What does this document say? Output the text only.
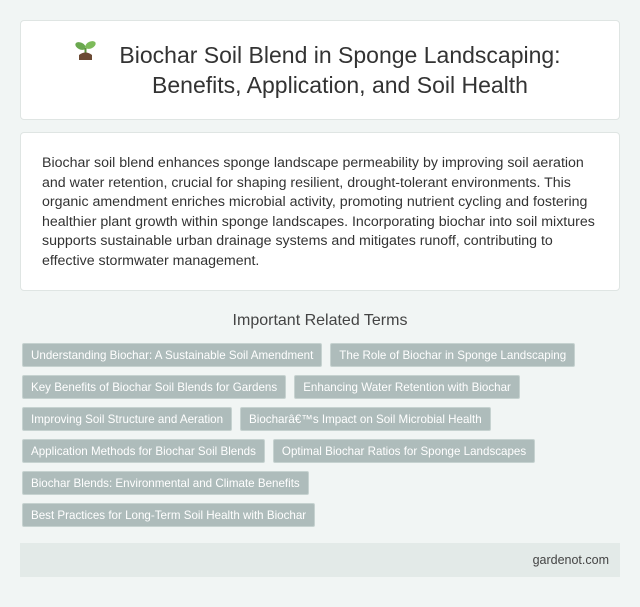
Biochar Soil Blend in Sponge Landscaping: Benefits, Application, and Soil Health

Biochar soil blend enhances sponge landscape permeability by improving soil aeration and water retention, crucial for shaping resilient, drought-tolerant environments. This organic amendment enriches microbial activity, promoting nutrient cycling and fostering healthier plant growth within sponge landscapes. Incorporating biochar into soil mixtures supports sustainable urban drainage systems and mitigates runoff, contributing to effective stormwater management.

Important Related Terms
Understanding Biochar: A Sustainable Soil Amendment	The Role of Biochar in Sponge Landscaping
Key Benefits of Biochar Soil Blends for Gardens	Enhancing Water Retention with Biochar
Improving Soil Structure and Aeration	Biocharâ€™s Impact on Soil Microbial Health
Application Methods for Biochar Soil Blends	Optimal Biochar Ratios for Sponge Landscapes
Biochar Blends: Environmental and Climate Benefits
Best Practices for Long-Term Soil Health with Biochar
gardenot.com
